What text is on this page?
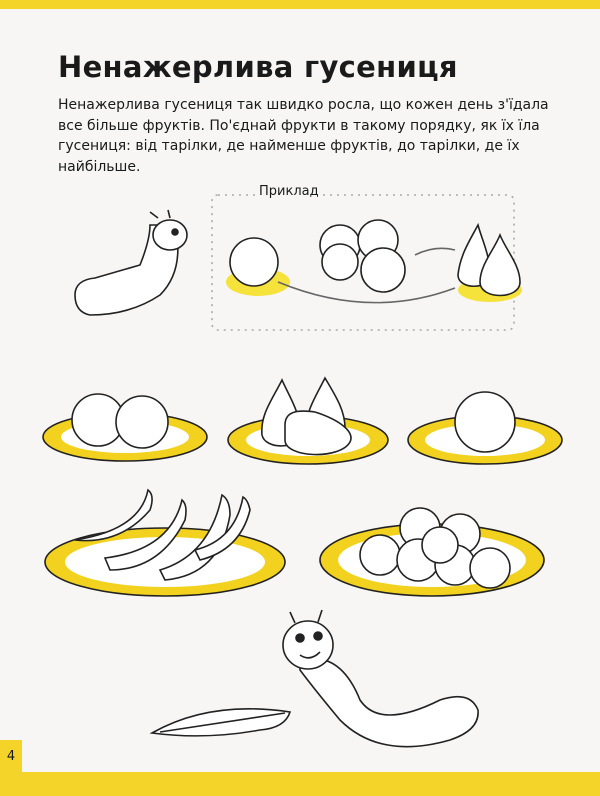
Ненажерлива гусениця

Ненажерлива гусениця так швидко росла, що кожен день з'їдала все більше фруктів. По'єднай фрукти в такому порядку, як їх їла гусениця: від тарілки, де найменше фруктів, до тарілки, де їх найбільше.

Приклад
4
